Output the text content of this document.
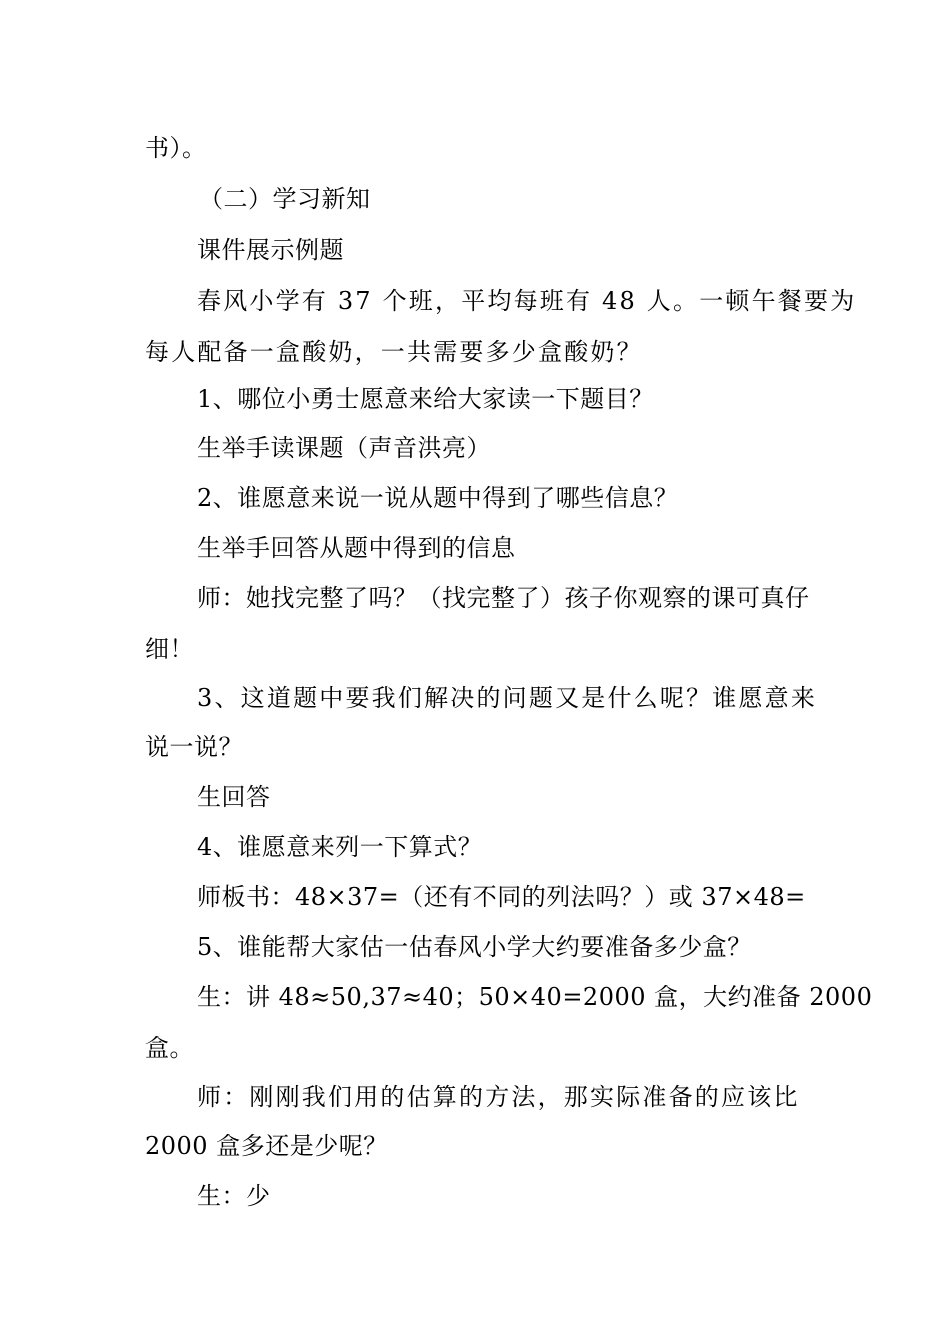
书）。
（二）学习新知
课件展示例题
春风小学有 37 个班，平均每班有 48 人。一顿午餐要为
每人配备一盒酸奶，一共需要多少盒酸奶？
1、哪位小勇士愿意来给大家读一下题目？
生举手读课题（声音洪亮）
2、谁愿意来说一说从题中得到了哪些信息？
生举手回答从题中得到的信息
师：她找完整了吗？（找完整了）孩子你观察的课可真仔
细！
3、这道题中要我们解决的问题又是什么呢？谁愿意来
说一说？
生回答
4、谁愿意来列一下算式？
师板书：48×37=（还有不同的列法吗？）或 37×48=
5、谁能帮大家估一估春风小学大约要准备多少盒？
生：讲 48≈50,37≈40；50×40=2000 盒，大约准备 2000
盒。
师：刚刚我们用的估算的方法，那实际准备的应该比
2000 盒多还是少呢？
生：少
